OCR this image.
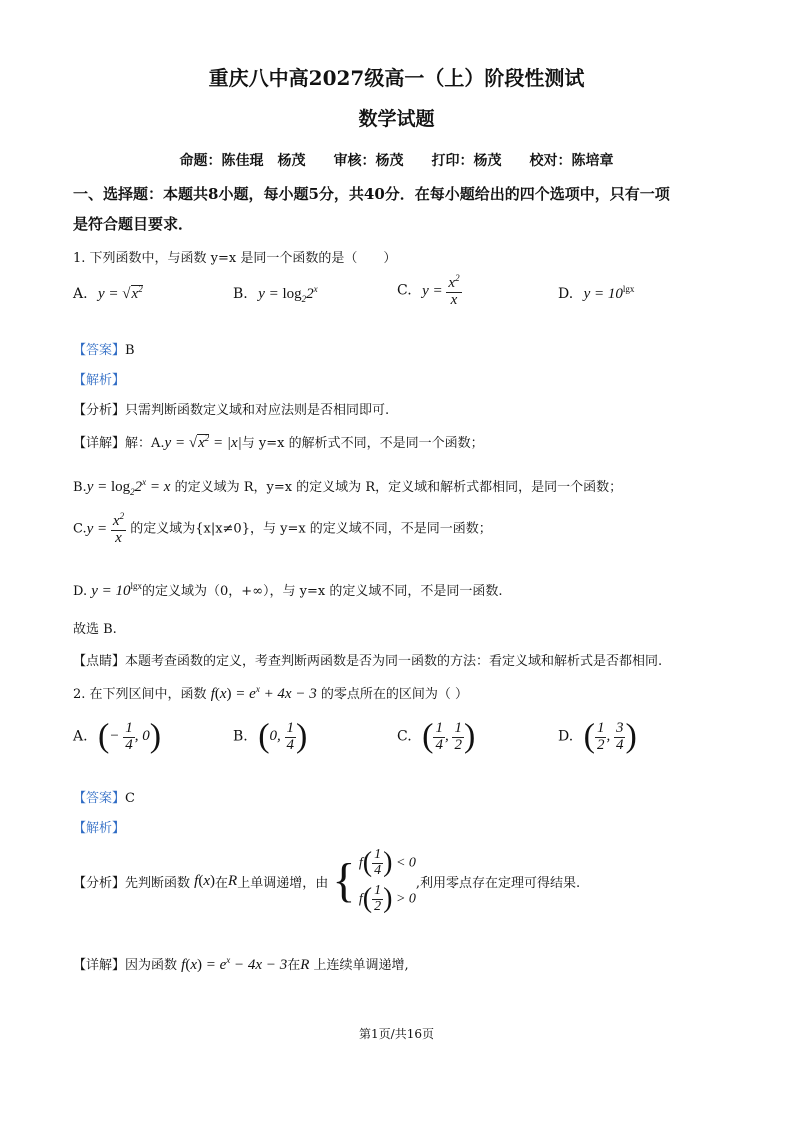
重庆八中高2027级高一（上）阶段性测试
数学试题
命题：陈佳琨　杨茂　　审核：杨茂　　打印：杨茂　　校对：陈培章
一、选择题：本题共8小题，每小题5分，共40分．在每小题给出的四个选项中，只有一项
是符合题目要求．
1. 下列函数中，与函数 y=x 是同一个函数的是（　　）
A. $y = √x^2$	B. $y = \log_22^x$	C. $y = \frac{x^2}{x}$	D. $y = 10^{lgx}$
【答案】B
【解析】
【分析】只需判断函数定义域和对应法则是否相同即可.
【详解】解：$A.y = √x^2 = |x|$与 y=x 的解析式不同，不是同一个函数；
$B.y = \log_22^x = x$ 的定义域为 R，y=x 的定义域为 R，定义域和解析式都相同，是同一个函数；
$C.y = \frac{x^2}{x}$ 的定义域为{x|x≠0}，与 y=x 的定义域不同，不是同一函数；
D. $y = 10^{lgx}$的定义域为（0，+∞），与 y=x 的定义域不同，不是同一函数.
故选 B.
【点睛】本题考查函数的定义，考查判断两函数是否为同一函数的方法：看定义域和解析式是否都相同.
2. 在下列区间中，函数 $f(x) = e^x + 4x - 3$ 的零点所在的区间为（ ）
A. (− $\frac{1}{4}$ , 0)	B. (0, $\frac{1}{4}$ )	C. ( $\frac{1}{4}$ , $\frac{1}{2}$ )	D. ( $\frac{1}{2}$ , $\frac{3}{4}$ )
【答案】C
【解析】
【分析】先判断函数 f(x)在R上单调递增，由 { $f( \frac{1}{4}$ ) < 0
$f( \frac{1}{2}$ ) > 0
,利用零点存在定理可得结果.
【详解】因为函数 $f(x) = e^x - 4x - 3$在R 上连续单调递增,
第1页/共16页
